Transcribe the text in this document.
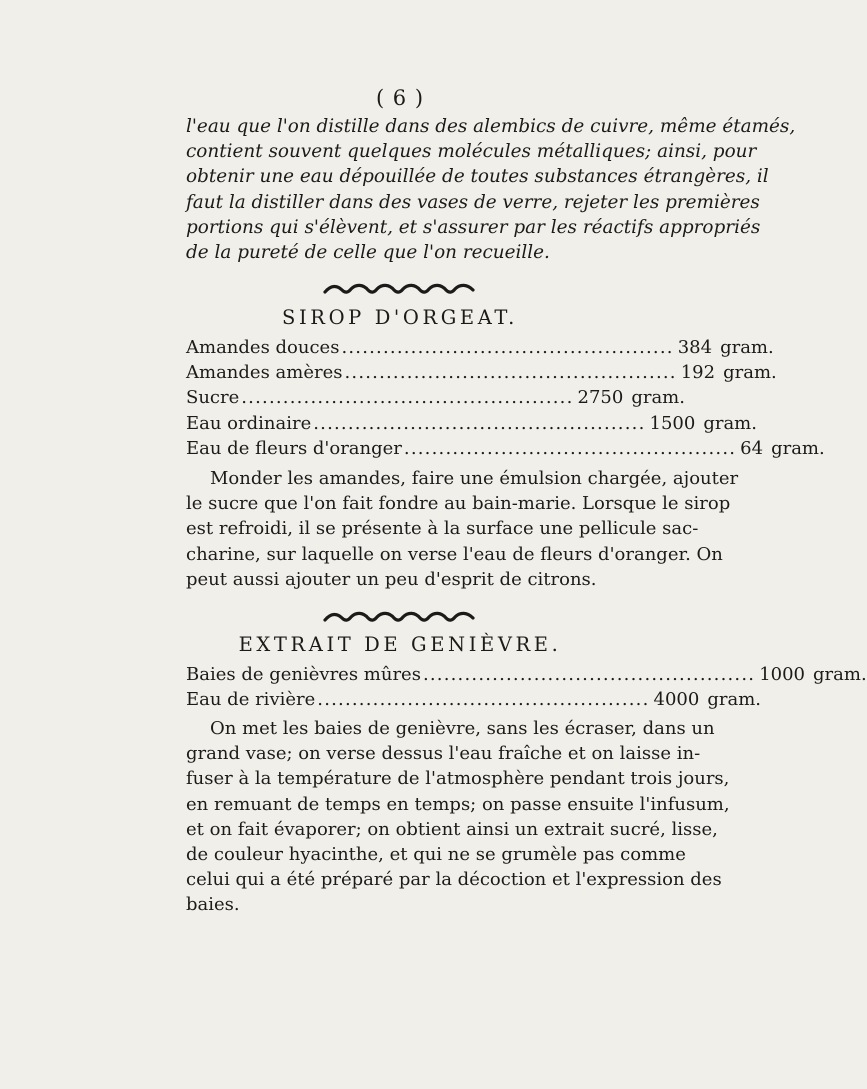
( 6 )

l'eau que l'on distille dans des alembics de cuivre, même étamés,
contient souvent quelques molécules métalliques; ainsi, pour
obtenir une eau dépouillée de toutes substances étrangères, il
faut la distiller dans des vases de verre, rejeter les premières
portions qui s'élèvent, et s'assurer par les réactifs appropriés
de la pureté de celle que l'on recueille.

SIROP D'ORGEAT.
Amandes douces ................................................ 384 gram.
Amandes amères ................................................ 192 gram.
Sucre ................................................ 2750 gram.
Eau ordinaire ................................................ 1500 gram.
Eau de fleurs d'oranger ................................................ 64 gram.

Monder les amandes, faire une émulsion chargée, ajouter
le sucre que l'on fait fondre au bain-marie. Lorsque le sirop
est refroidi, il se présente à la surface une pellicule sac-
charine, sur laquelle on verse l'eau de fleurs d'oranger. On
peut aussi ajouter un peu d'esprit de citrons.

EXTRAIT DE GENIÈVRE.
Baies de genièvres mûres ................................................ 1000 gram.
Eau de rivière ................................................ 4000 gram.

On met les baies de genièvre, sans les écraser, dans un
grand vase; on verse dessus l'eau fraîche et on laisse in-
fuser à la température de l'atmosphère pendant trois jours,
en remuant de temps en temps; on passe ensuite l'infusum,
et on fait évaporer; on obtient ainsi un extrait sucré, lisse,
de couleur hyacinthe, et qui ne se grumèle pas comme
celui qui a été préparé par la décoction et l'expression des
baies.
